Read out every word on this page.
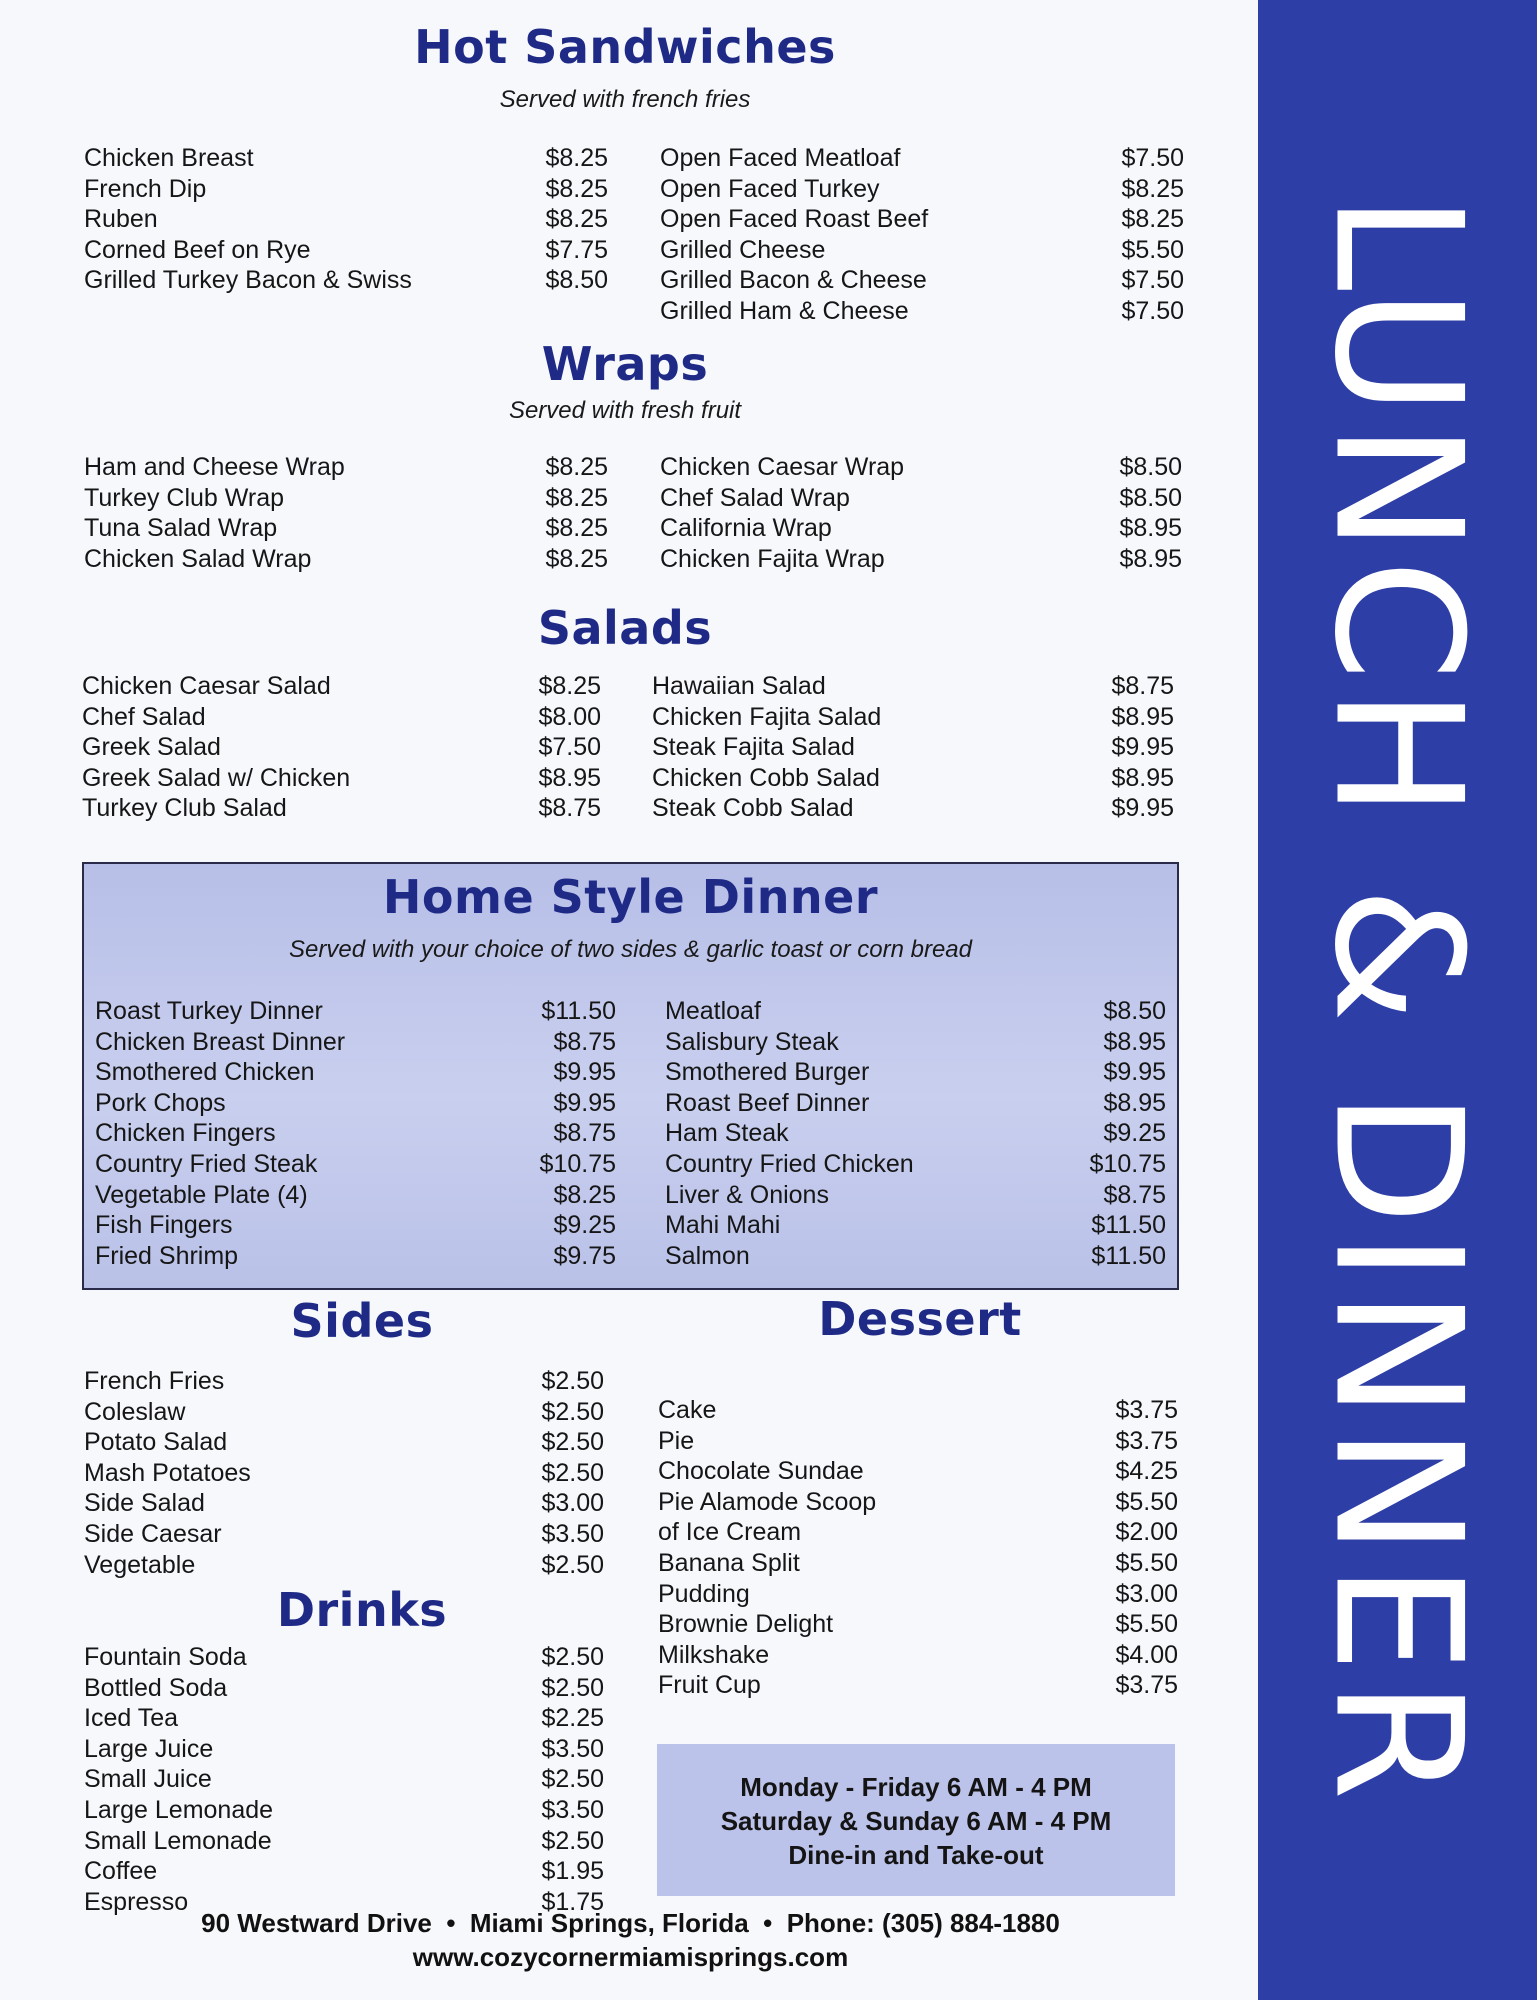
LUNCH & DINNER
Hot Sandwiches
Served with french fries
Chicken Breast	$8.25
French Dip	$8.25
Ruben	$8.25
Corned Beef on Rye	$7.75
Grilled Turkey Bacon & Swiss	$8.50
Open Faced Meatloaf	$7.50
Open Faced Turkey	$8.25
Open Faced Roast Beef	$8.25
Grilled Cheese	$5.50
Grilled Bacon & Cheese	$7.50
Grilled Ham & Cheese	$7.50
Wraps
Served with fresh fruit
Ham and Cheese Wrap	$8.25
Turkey Club Wrap	$8.25
Tuna Salad Wrap	$8.25
Chicken Salad Wrap	$8.25
Chicken Caesar Wrap	$8.50
Chef Salad Wrap	$8.50
California Wrap	$8.95
Chicken Fajita Wrap	$8.95
Salads
Chicken Caesar Salad	$8.25
Chef Salad	$8.00
Greek Salad	$7.50
Greek Salad w/ Chicken	$8.95
Turkey Club Salad	$8.75
Hawaiian Salad	$8.75
Chicken Fajita Salad	$8.95
Steak Fajita Salad	$9.95
Chicken Cobb Salad	$8.95
Steak Cobb Salad	$9.95
Home Style Dinner
Served with your choice of two sides & garlic toast or corn bread
Roast Turkey Dinner	$11.50
Chicken Breast Dinner	$8.75
Smothered Chicken	$9.95
Pork Chops	$9.95
Chicken Fingers	$8.75
Country Fried Steak	$10.75
Vegetable Plate (4)	$8.25
Fish Fingers	$9.25
Fried Shrimp	$9.75
Meatloaf	$8.50
Salisbury Steak	$8.95
Smothered Burger	$9.95
Roast Beef Dinner	$8.95
Ham Steak	$9.25
Country Fried Chicken	$10.75
Liver & Onions	$8.75
Mahi Mahi	$11.50
Salmon	$11.50
Sides
French Fries	$2.50
Coleslaw	$2.50
Potato Salad	$2.50
Mash Potatoes	$2.50
Side Salad	$3.00
Side Caesar	$3.50
Vegetable	$2.50
Drinks
Fountain Soda	$2.50
Bottled Soda	$2.50
Iced Tea	$2.25
Large Juice	$3.50
Small Juice	$2.50
Large Lemonade	$3.50
Small Lemonade	$2.50
Coffee	$1.95
Espresso	$1.75
Dessert
Cake	$3.75
Pie	$3.75
Chocolate Sundae	$4.25
Pie Alamode Scoop	$5.50
of Ice Cream	$2.00
Banana Split	$5.50
Pudding	$3.00
Brownie Delight	$5.50
Milkshake	$4.00
Fruit Cup	$3.75
Monday - Friday 6 AM - 4 PM
Saturday & Sunday 6 AM - 4 PM
Dine-in and Take-out
90 Westward Drive  •  Miami Springs, Florida  •  Phone: (305) 884-1880
www.cozycornermiamisprings.com
